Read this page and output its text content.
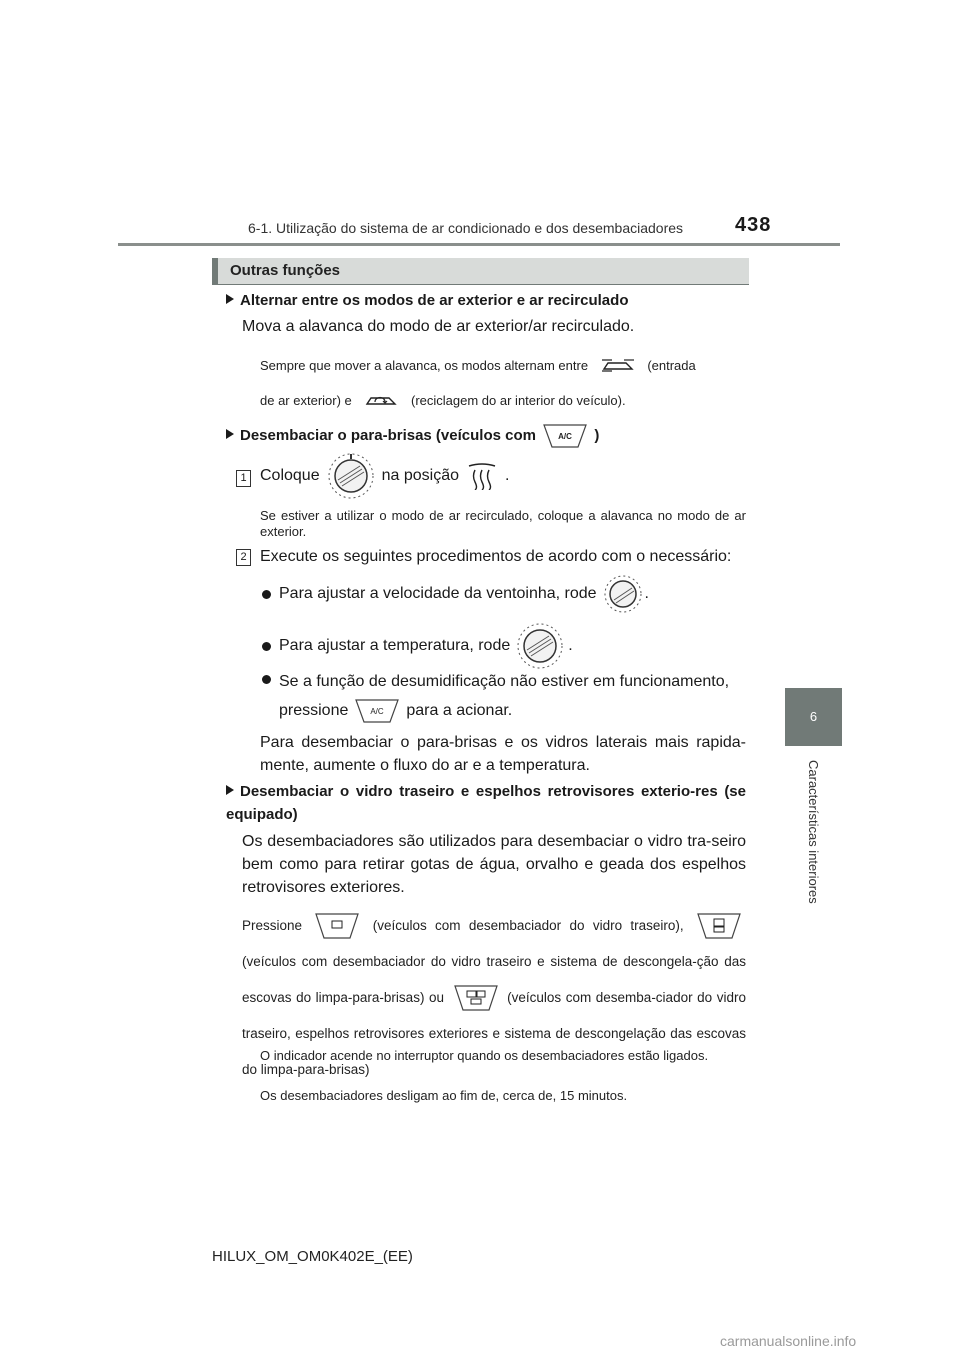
6-1. Utilização do sistema de ar condicionado e dos desembaciadores	438
6
Características interiores
Outras funções
Alternar entre os modos de ar exterior e ar recirculado
Mova a alavanca do modo de ar exterior/ar recirculado.
Sempre que mover a alavanca, os modos alternam entre	(entrada
de ar exterior) e	(reciclagem do ar interior do veículo).
Desembaciar o para-brisas (veículos com	A/C )
1 Coloque	na posição	.
Se estiver a utilizar o modo de ar recirculado, coloque a alavanca no modo de ar exterior.
2 Execute os seguintes procedimentos de acordo com o necessário:
Para ajustar a velocidade da ventoinha, rode	.
Para ajustar a temperatura, rode	.
Se a função de desumidificação não estiver em funcionamento,
pressione	A/C para a acionar.
Para desembaciar o para-brisas e os vidros laterais mais rapida-mente, aumente o fluxo do ar e a temperatura.
Desembaciar o vidro traseiro e espelhos retrovisores exterio-res (se equipado)
Os desembaciadores são utilizados para desembaciar o vidro tra-seiro bem como para retirar gotas de água, orvalho e geada dos espelhos retrovisores exteriores.
Pressione	(veículos com desembaciador do vidro traseiro),  (veículos com desembaciador do vidro traseiro e sistema de descongela-ção das escovas do limpa-para-brisas) ou	(veículos com desemba-ciador do vidro traseiro, espelhos retrovisores exteriores e sistema de descongelação das escovas do limpa-para-brisas)
O indicador acende no interruptor quando os desembaciadores estão ligados.
Os desembaciadores desligam ao fim de, cerca de, 15 minutos.
HILUX_OM_OM0K402E_(EE)
carmanualsonline.info
